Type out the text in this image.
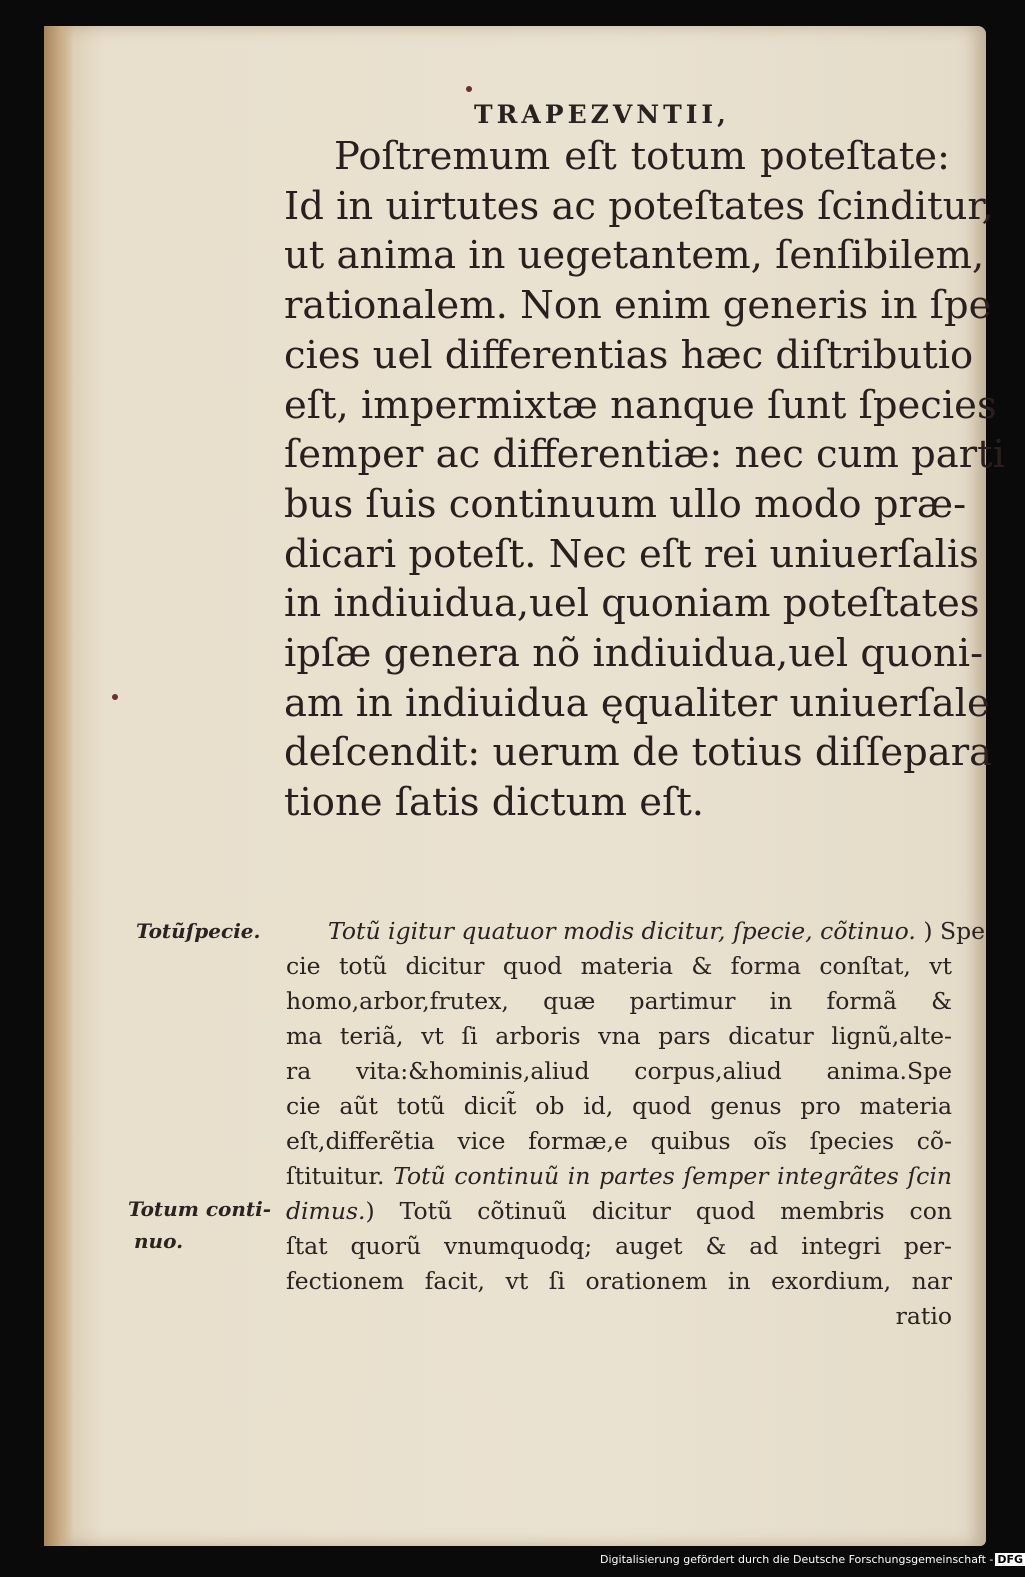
TRAPEZVNTII,
Poſtremum eſt totum poteſtate:
Id in uirtutes ac poteſtates ſcinditur,
ut anima in uegetantem, ſenſibilem,
rationalem. Non enim generis in ſpe
cies uel differentias hæc diſtributio
eſt, impermixtæ nanque ſunt ſpecies
ſemper ac differentiæ: nec cum parti
bus ſuis continuum ullo modo præ-
dicari poteſt. Nec eſt rei uniuerſalis
in indiuidua,uel quoniam poteſtates
ipſæ genera nõ indiuidua,uel quoni-
am in indiuidua ęqualiter uniuerſale
deſcendit: uerum de totius diſſepara
tione ſatis dictum eſt.
Totũ igitur quatuor modis dicitur, ſpecie, cõtinuo. ) Spe
cie totũ dicitur quod materia & forma conſtat, vt
homo,arbor,frutex, quæ partimur in formã &
ma teriã, vt ſi arboris vna pars dicatur lignũ,alte-
ra vita:&hominis,aliud corpus,aliud anima.Spe
cie aũt totũ dicit̃ ob id, quod genus pro materia
eſt,differẽtia vice formæ,e quibus oĩs ſpecies cõ-
ſtituitur. Totũ continuũ in partes ſemper integrãtes ſcin
dimus.) Totũ cõtinuũ dicitur quod membris con
ſtat quorũ vnumquodq; auget & ad integri per-
fectionem facit, vt ſi orationem in exordium, nar
ratio
Totũſpecie.
Totum conti-
nuo.
Digitalisierung gefördert durch die Deutsche Forschungsgemeinschaft - DFG
